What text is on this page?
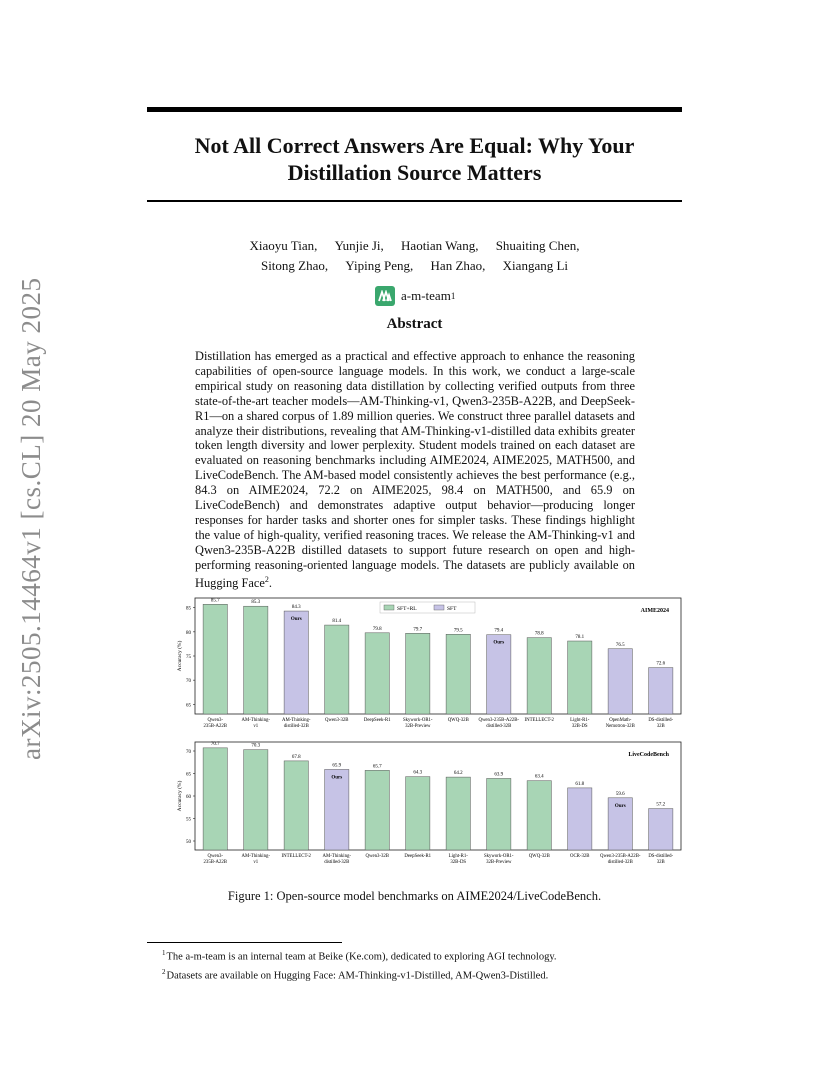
arXiv:2505.14464v1 [cs.CL] 20 May 2025
Not All Correct Answers Are Equal: Why Your
Distillation Source Matters
Xiaoyu Tian, Yunjie Ji, Haotian Wang, Shuaiting Chen,
Sitong Zhao, Yiping Peng, Han Zhao, Xiangang Li
a-m-team 1
Abstract
Distillation has emerged as a practical and effective approach to enhance the reasoning capabilities of open-source language models. In this work, we conduct a large-scale empirical study on reasoning data distillation by collecting verified outputs from three state-of-the-art teacher models—AM-Thinking-v1, Qwen3-235B-A22B, and DeepSeek-R1—on a shared corpus of 1.89 million queries. We construct three parallel datasets and analyze their distributions, revealing that AM-Thinking-v1-distilled data exhibits greater token length diversity and lower perplexity. Student models trained on each dataset are evaluated on reasoning benchmarks including AIME2024, AIME2025, MATH500, and LiveCodeBench. The AM-based model consistently achieves the best performance (e.g., 84.3 on AIME2024, 72.2 on AIME2025, 98.4 on MATH500, and 65.9 on LiveCodeBench) and demonstrates adaptive output behavior—producing longer responses for harder tasks and shorter ones for simpler tasks. These findings highlight the value of high-quality, verified reasoning traces. We release the AM-Thinking-v1 and Qwen3-235B-A22B distilled datasets to support future research on open and high-performing reasoning-oriented language models. The datasets are publicly available on Hugging Face$^2$.
65
70
75
80
85
Accuracy (%)
AIME2024
85.7
Qwen3-
235B-A22B
85.3
AM-Thinking-
v1
84.3
Ours
AM-Thinking-
distilled-32B
81.4
Qwen3-32B
79.8
DeepSeek-R1
79.7
Skywork-OR1-
32B-Preview
79.5
QWQ-32B
79.4
Ours
Qwen3-235B-A22B-
distilled-32B
78.8
INTELLECT-2
78.1
Light-R1-
32B-DS
76.5
OpenMath-
Nemotron-32B
72.6
DS-distilled-
32B
SFT+RL	SFT
50
55
60
65
70
Accuracy (%)
LiveCodeBench
70.7
Qwen3-
235B-A22B
70.3
AM-Thinking-
v1
67.8
INTELLECT-2
65.9
Ours
AM-Thinking-
distilled-32B
65.7
Qwen3-32B
64.3
DeepSeek-R1
64.2
Light-R1-
32B-DS
63.9
Skywork-OR1-
32B-Preview
63.4
QWQ-32B
61.8
OCR-32B
59.6
Ours
Qwen3-235B-A22B-
distilled-32B
57.2
DS-distilled-
32B
Figure 1: Open-source model benchmarks on AIME2024/LiveCodeBench.
$^1$The a-m-team is an internal team at Beike (Ke.com), dedicated to exploring AGI technology.
$^2$Datasets are available on Hugging Face: AM-Thinking-v1-Distilled, AM-Qwen3-Distilled.
